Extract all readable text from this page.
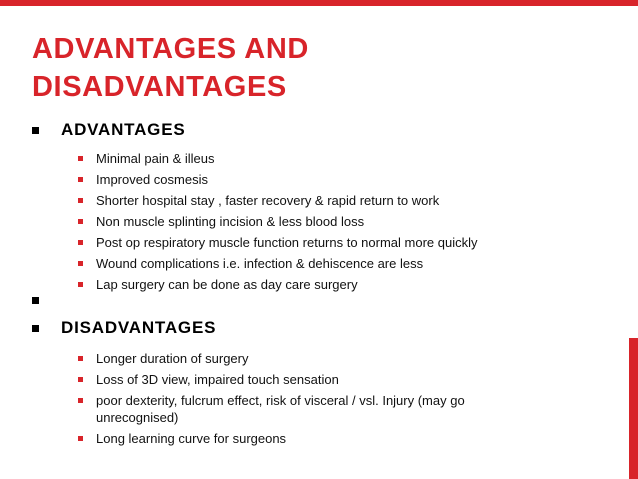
ADVANTAGES AND
DISADVANTAGES
ADVANTAGES
Minimal pain & illeus
Improved cosmesis
Shorter hospital stay , faster recovery & rapid return to work
Non muscle splinting incision & less blood loss
Post op respiratory muscle function returns to normal more quickly
Wound complications i.e. infection & dehiscence are less
Lap surgery can be done as day care surgery
DISADVANTAGES
Longer duration of surgery
Loss of 3D view, impaired touch sensation
poor dexterity, fulcrum effect, risk of visceral / vsl. Injury (may go unrecognised)
Long learning curve for surgeons
